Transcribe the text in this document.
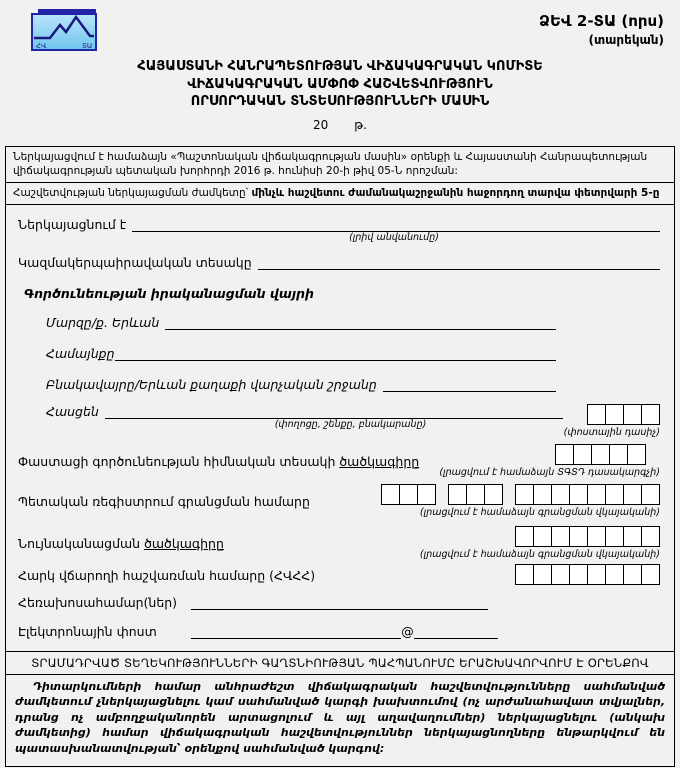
ՀՎ	ՏԱ
ՁԵՎ 2-ՏԱ (որս)
(տարեկան)
ՀԱՅԱՍՏԱՆԻ ՀԱՆՐԱՊԵՏՈՒԹՅԱՆ ՎԻՃԱԿԱԳՐԱԿԱՆ ԿՈՄԻՏԵ
ՎԻՃԱԿԱԳՐԱԿԱՆ ԱՄՓՈՓ ՀԱՇՎԵՏՎՈՒԹՅՈՒՆ
ՈՐՍՈՐԴԱԿԱՆ ՏՆՏԵՍՈՒԹՅՈՒՆՆԵՐԻ ՄԱՍԻՆ
20 թ.
Ներկայացվում է համաձայն «Պաշտոնական վիճակագրության մասին» օրենքի և Հայաստանի Հանրապետության վիճակագրության պետական խորհրդի 2016 թ. հունիսի 20-ի թիվ 05-Ն որոշման:
Հաշվետվության ներկայացման ժամկետը՝ մինչև հաշվետու ժամանակաշրջանին հաջորդող տարվա փետրվարի 5-ը
Ներկայացնում է
(լրիվ անվանումը)
Կազմակերպաիրավական տեսակը
Գործունեության իրականացման վայրի
Մարզը/ք. Երևան
Համայնքը
Բնակավայրը/Երևան քաղաքի վարչական շրջանը
Հասցեն
(փողոցը, շենքը, բնակարանը)
(փոստային դասիչ)
Փաստացի գործունեության հիմնական տեսակի ծածկագիրը
(լրացվում է համաձայն ՏԳՏԴ դասակարգչի)
Պետական ռեգիստրում գրանցման համարը
(լրացվում է համաձայն գրանցման վկայականի)
Նույնականացման ծածկագիրը
(լրացվում է համաձայն գրանցման վկայականի)
Հարկ վճարողի հաշվառման համարը (ՀՎՀՀ)
Հեռախոսահամար(ներ)
Էլեկտրոնային փոստ	@
ՏՐԱՄԱԴՐՎԱԾ ՏԵՂԵԿՈՒԹՅՈՒՆՆԵՐԻ ԳԱՂՏՆԻՈՒԹՅԱՆ ՊԱՀՊԱՆՈՒՄԸ ԵՐԱՇԽԱՎՈՐՎՈՒՄ Է ՕՐԵՆՔՈՎ
Դիտարկումների համար անհրաժեշտ վիճակագրական հաշվետվությունները սահմանված ժամկետում չներկայացնելու կամ սահմանված կարգի խախտումով (ոչ արժանահավատ տվյալներ, դրանց ոչ ամբողջականորեն արտացոլում և այլ աղավաղումներ) ներկայացնելու (անկախ ժամկետից) համար վիճակագրական հաշվետվություններ ներկայացնողները ենթարկվում են պատասխանատվության՝ օրենքով սահմանված կարգով:
